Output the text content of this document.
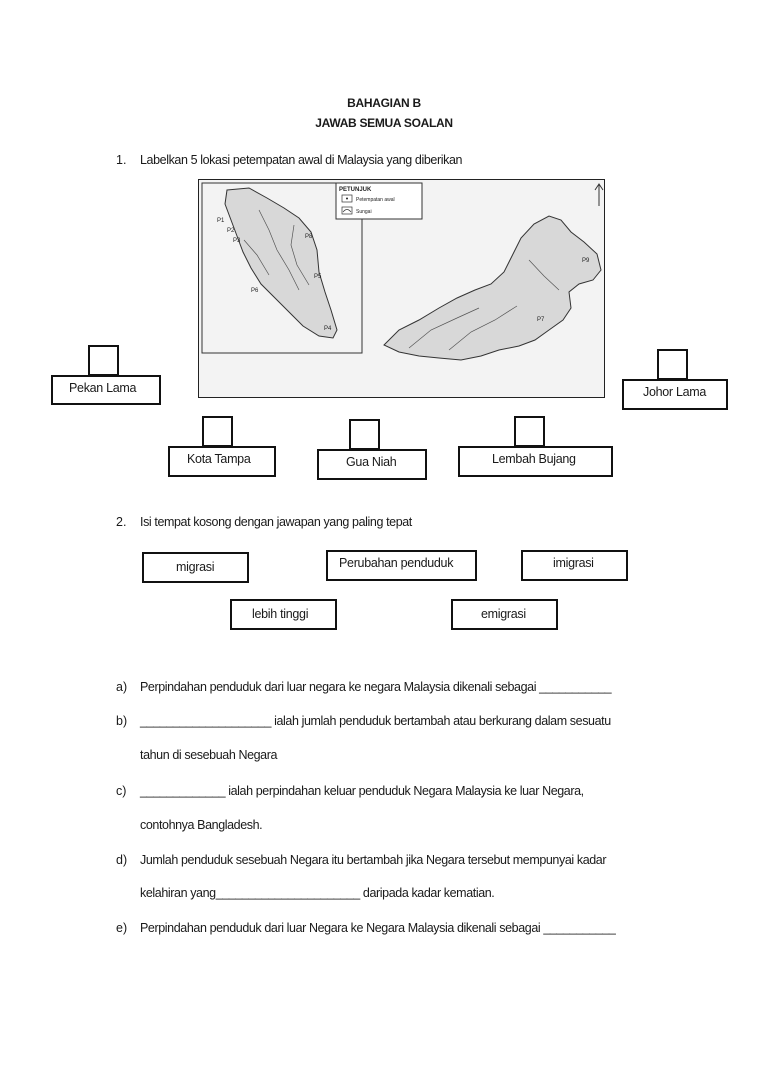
BAHAGIAN B
JAWAB SEMUA SOALAN
1. Labelkan 5 lokasi petempatan awal di Malaysia yang diberikan
PETUNJUK
Petempatan awal
Sungai
P1
P2
P3
P4
P5
P6
P7
P8
P9
Pekan Lama	Johor Lama
Kota Tampa	Gua Niah	Lembah Bujang
2. Isi tempat kosong dengan jawapan yang paling tepat
migrasi	Perubahan penduduk	imigrasi
lebih tinggi	emigrasi
a) Perpindahan penduduk dari luar negara ke negara Malaysia dikenali sebagai ___________
b) ____________________ ialah jumlah penduduk bertambah atau berkurang dalam sesuatu
tahun di sesebuah Negara
c) _____________ ialah perpindahan keluar penduduk Negara Malaysia ke luar Negara,
contohnya Bangladesh.
d) Jumlah penduduk sesebuah Negara itu bertambah jika Negara tersebut mempunyai kadar
kelahiran yang______________________ daripada kadar kematian.
e) Perpindahan penduduk dari luar Negara ke Negara Malaysia dikenali sebagai ___________
